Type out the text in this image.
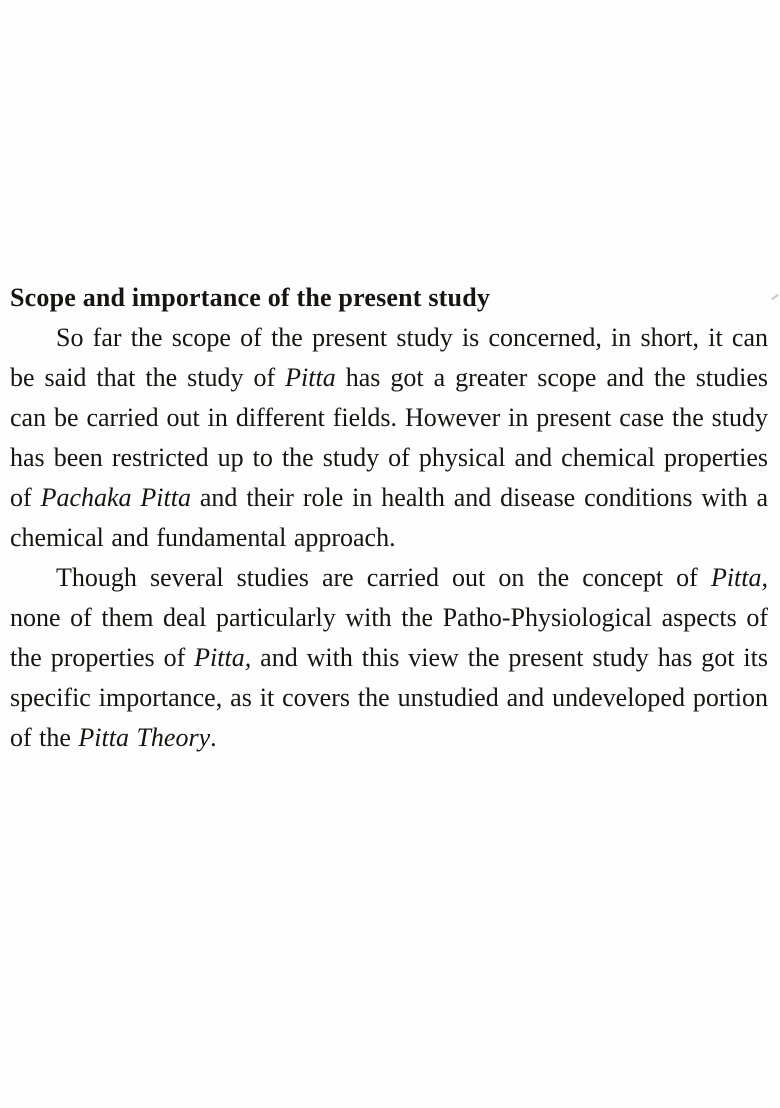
Scope and importance of the present study

So far the scope of the present study is concerned, in short, it can be said that the study of Pitta has got a greater scope and the studies can be carried out in different fields. However in present case the study has been restricted up to the study of physical and chemical properties of Pachaka Pitta and their role in health and disease conditions with a chemical and fundamental approach.

Though several studies are carried out on the concept of Pitta, none of them deal particularly with the Patho-Physiological aspects of the properties of Pitta, and with this view the present study has got its specific importance, as it covers the unstudied and undeveloped portion of the Pitta Theory.
